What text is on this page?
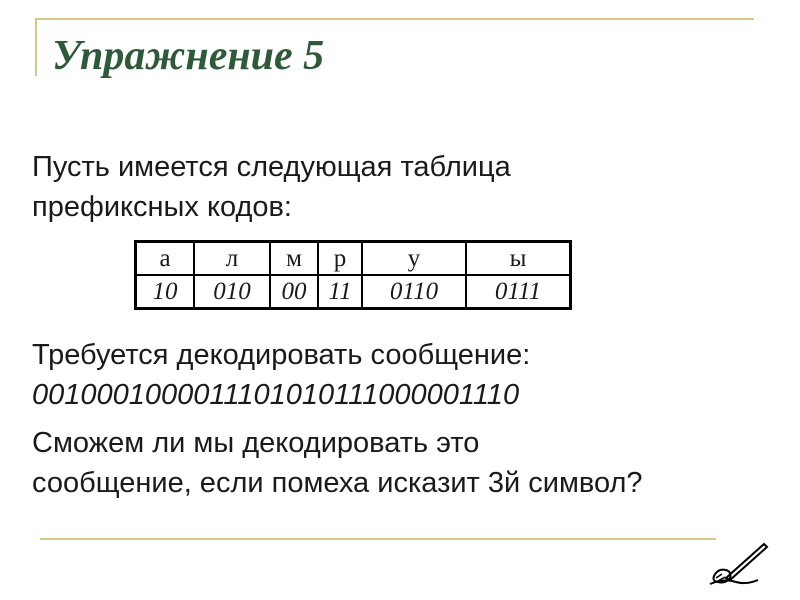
Упражнение 5
Пусть имеется следующая таблица
префиксных кодов:
а	л	м	р	у	ы
10	010	00	11	0110	0111
Требуется декодировать сообщение:
0010001000011101010111000001110
Сможем ли мы декодировать это
сообщение, если помеха исказит 3й символ?
